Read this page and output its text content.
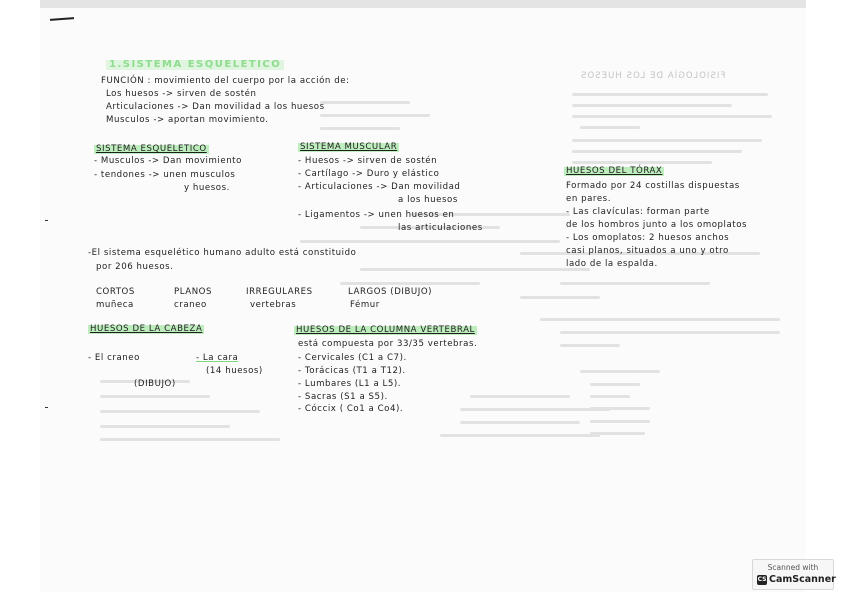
FISIOLOGÍA DE LOS HUESOS
1.SISTEMA ESQUELETICO
FUNCIÓN : movimiento del cuerpo por la acción de:
Los huesos -> sirven de sostén
Articulaciones -> Dan movilidad a los huesos
Musculos -> aportan movimiento.
SISTEMA ESQUELETICO
- Musculos -> Dan movimiento
- tendones -> unen musculos
y huesos.
SISTEMA MUSCULAR
- Huesos -> sirven de sostén
- Cartílago -> Duro y elástico
- Articulaciones -> Dan movilidad
a los huesos
- Ligamentos -> unen huesos en
las articulaciones
-El sistema esquelético humano adulto está constituido
por 206 huesos.
CORTOS
muñeca
PLANOS
craneo
IRREGULARES
vertebras
LARGOS (DIBUJO)
Fémur
HUESOS DE LA CABEZA
- El craneo	- La cara
(14 huesos)
(DIBUJO)
HUESOS DE LA COLUMNA VERTEBRAL
está compuesta por 33/35 vertebras.
- Cervicales (C1 a C7).
- Torácicas (T1 a T12).
- Lumbares (L1 a L5).
- Sacras (S1 a S5).
- Cóccix ( Co1 a Co4).
HUESOS DEL TÓRAX
Formado por 24 costillas dispuestas
en pares.
- Las clavículas: forman parte
de los hombros junto a los omoplatos
- Los omoplatos: 2 huesos anchos
casi planos, situados a uno y otro
lado de la espalda.
Scanned with
CS CamScanner
